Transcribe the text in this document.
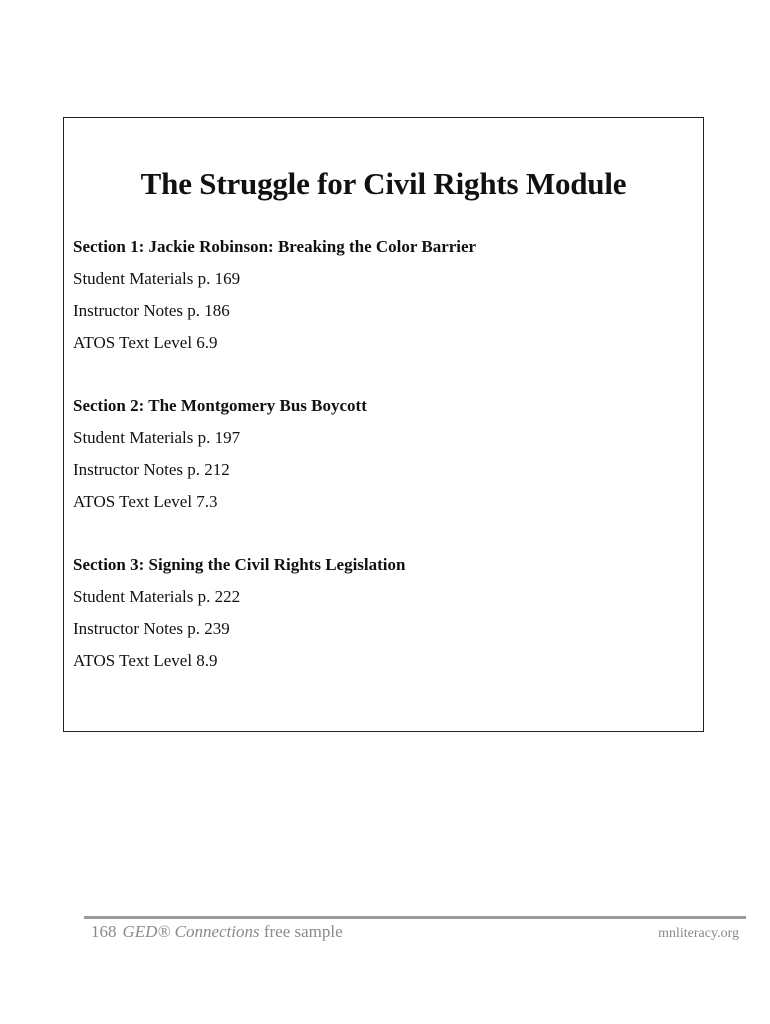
The Struggle for Civil Rights Module
Section 1: Jackie Robinson: Breaking the Color Barrier
Student Materials p. 169
Instructor Notes p. 186
ATOS Text Level 6.9
Section 2: The Montgomery Bus Boycott
Student Materials p. 197
Instructor Notes p. 212
ATOS Text Level 7.3
Section 3: Signing the Civil Rights Legislation
Student Materials p. 222
Instructor Notes p. 239
ATOS Text Level 8.9
168 GED® Connections free sample	mnliteracy.org
